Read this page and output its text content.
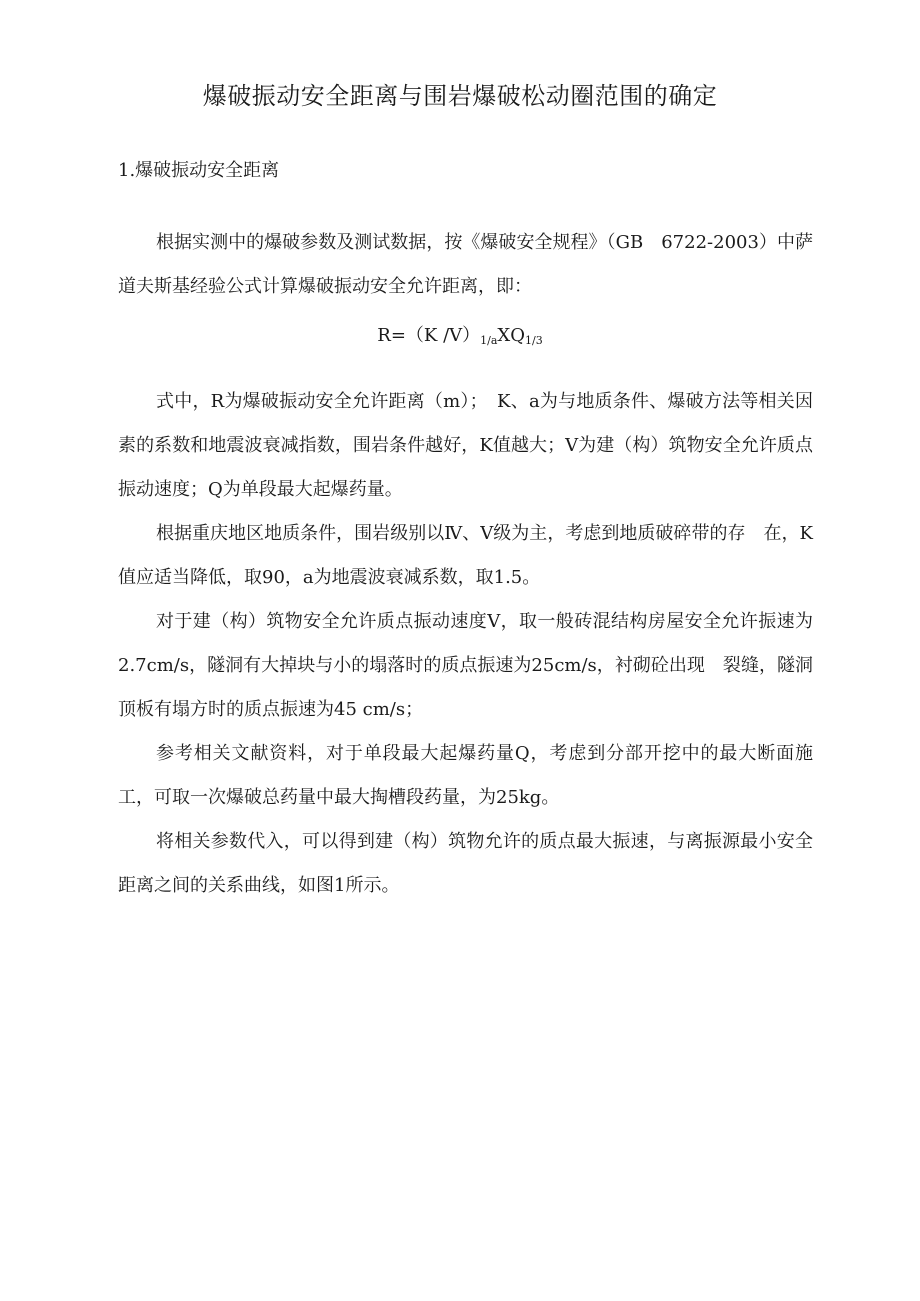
爆破振动安全距离与围岩爆破松动圈范围的确定
1.爆破振动安全距离

根据实测中的爆破参数及测试数据，按《爆破安全规程》（GB　6722-2003）中萨道夫斯基经验公式计算爆破振动安全允许距离，即：

R=（K $/V)_{1/a}XQ_{1/3}$

式中，R为爆破振动安全允许距离（m）；　K、a为与地质条件、爆破方法等相关因素的系数和地震波衰减指数，围岩条件越好，K值越大；V为建（构）筑物安全允许质点振动速度；Q为单段最大起爆药量。

根据重庆地区地质条件，围岩级别以Ⅳ、Ⅴ级为主，考虑到地质破碎带的存　在，K值应适当降低，取90，a为地震波衰减系数，取1.5。

对于建（构）筑物安全允许质点振动速度V，取一般砖混结构房屋安全允许振速为2.7cm/s，隧洞有大掉块与小的塌落时的质点振速为25cm/s，衬砌砼出现　裂缝，隧洞顶板有塌方时的质点振速为45 cm/s；

参考相关文献资料，对于单段最大起爆药量Q，考虑到分部开挖中的最大断面施工，可取一次爆破总药量中最大掏槽段药量，为25kg。

将相关参数代入，可以得到建（构）筑物允许的质点最大振速，与离振源最小安全距离之间的关系曲线，如图1所示。
